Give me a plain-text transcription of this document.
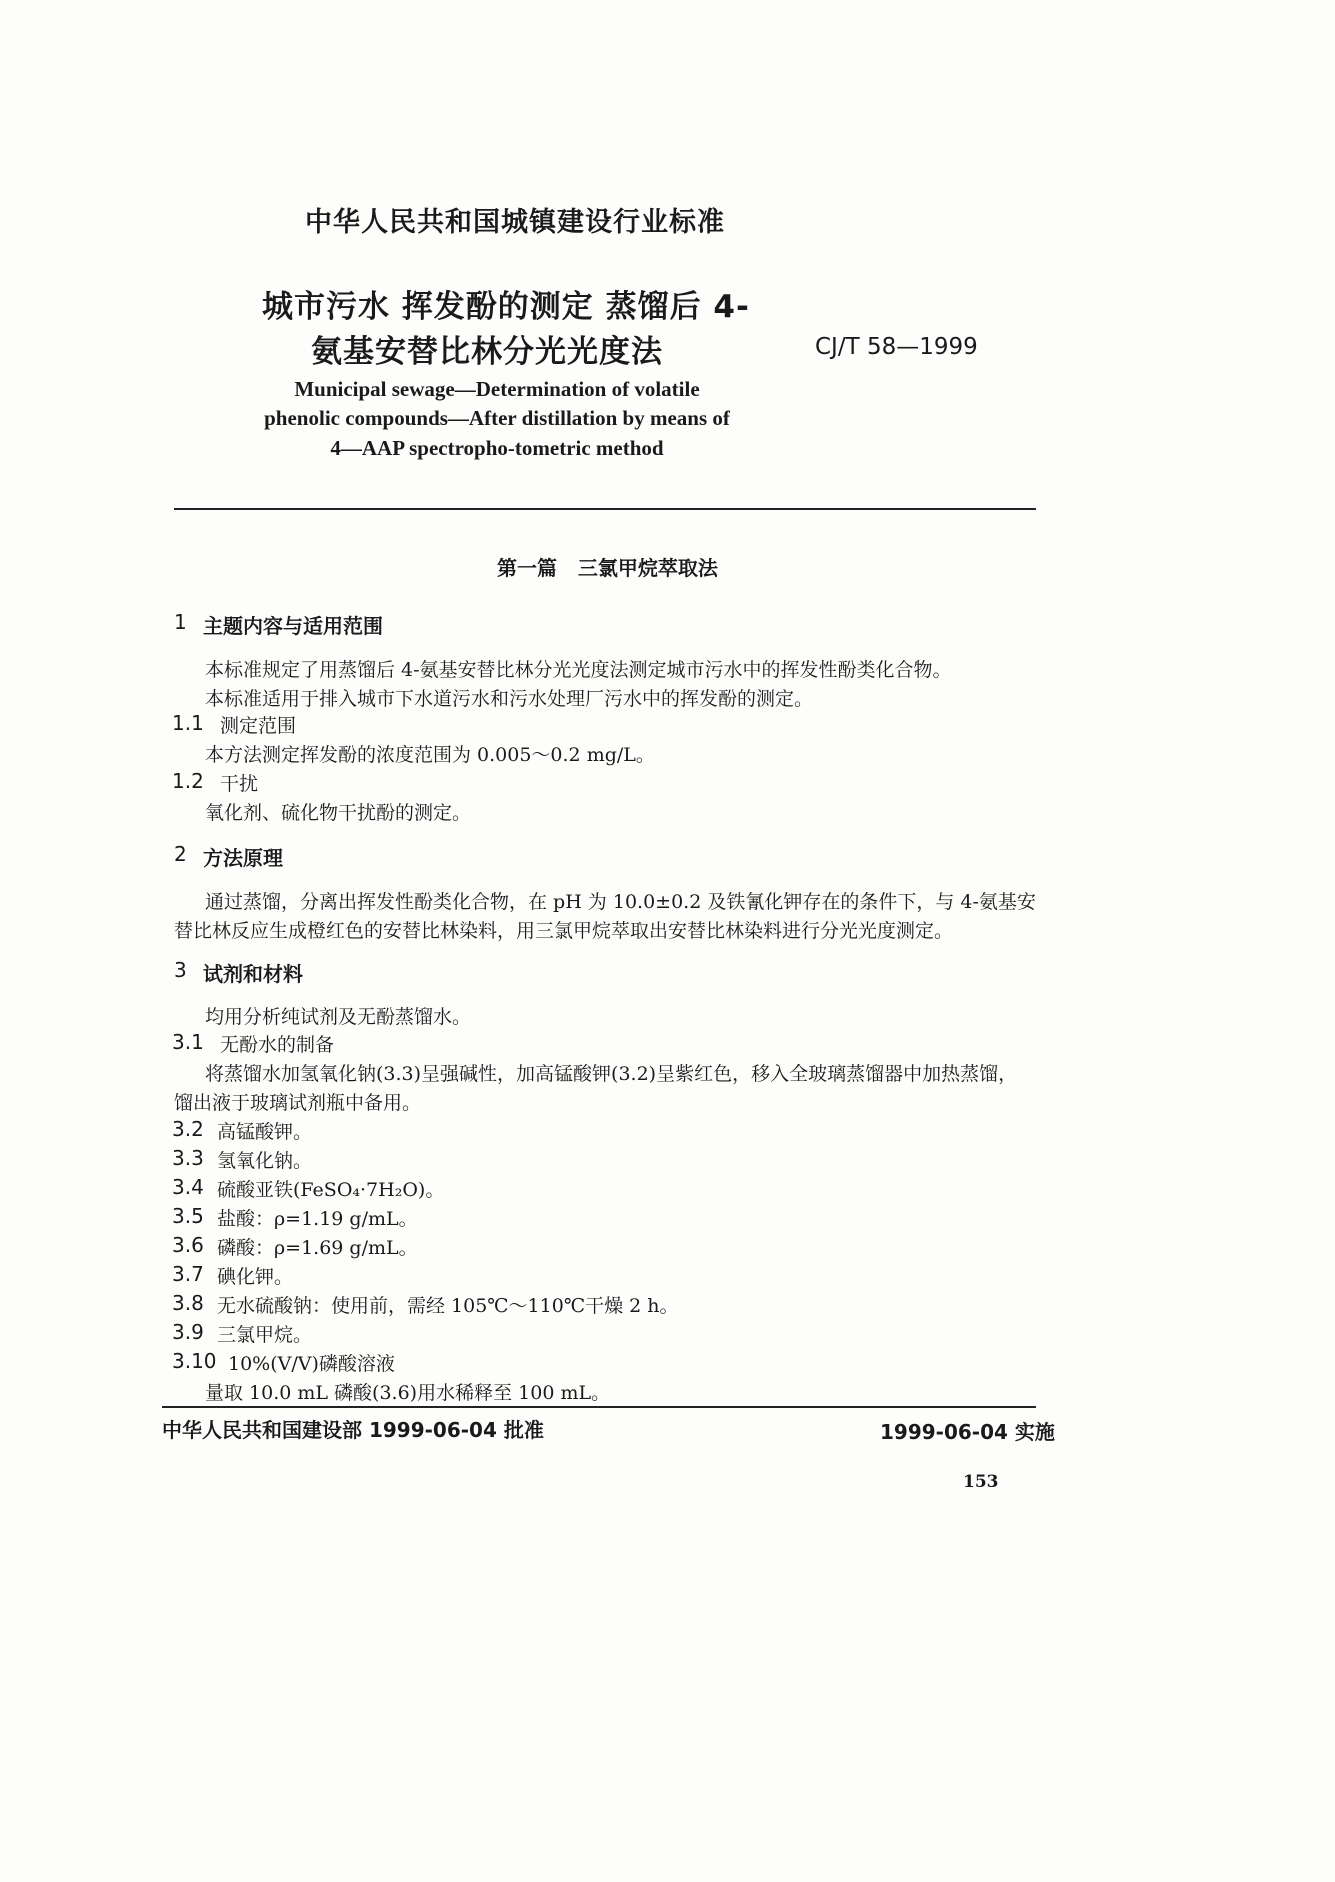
中华人民共和国城镇建设行业标准
城市污水 挥发酚的测定 蒸馏后 4-
氨基安替比林分光光度法	CJ/T 58—1999
Municipal sewage—Determination of volatile
phenolic compounds—After distillation by means of
4—AAP spectropho-tometric method
第一篇   三氯甲烷萃取法
1 主题内容与适用范围
本标准规定了用蒸馏后 4-氨基安替比林分光光度法测定城市污水中的挥发性酚类化合物。
本标准适用于排入城市下水道污水和污水处理厂污水中的挥发酚的测定。
1.1 测定范围
本方法测定挥发酚的浓度范围为 0.005～0.2 mg/L。
1.2 干扰
氧化剂、硫化物干扰酚的测定。
2 方法原理
通过蒸馏，分离出挥发性酚类化合物，在 pH 为 10.0±0.2 及铁氰化钾存在的条件下，与 4-氨基安
替比林反应生成橙红色的安替比林染料，用三氯甲烷萃取出安替比林染料进行分光光度测定。
3 试剂和材料
均用分析纯试剂及无酚蒸馏水。
3.1 无酚水的制备
将蒸馏水加氢氧化钠(3.3)呈强碱性，加高锰酸钾(3.2)呈紫红色，移入全玻璃蒸馏器中加热蒸馏，
馏出液于玻璃试剂瓶中备用。
3.2 高锰酸钾。
3.3 氢氧化钠。
3.4 硫酸亚铁(FeSO₄·7H₂O)。
3.5 盐酸：ρ=1.19 g/mL。
3.6 磷酸：ρ=1.69 g/mL。
3.7 碘化钾。
3.8 无水硫酸钠：使用前，需经 105℃～110℃干燥 2 h。
3.9 三氯甲烷。
3.10 10%(V/V)磷酸溶液
量取 10.0 mL 磷酸(3.6)用水稀释至 100 mL。
中华人民共和国建设部 1999-06-04 批准	1999-06-04 实施
153
